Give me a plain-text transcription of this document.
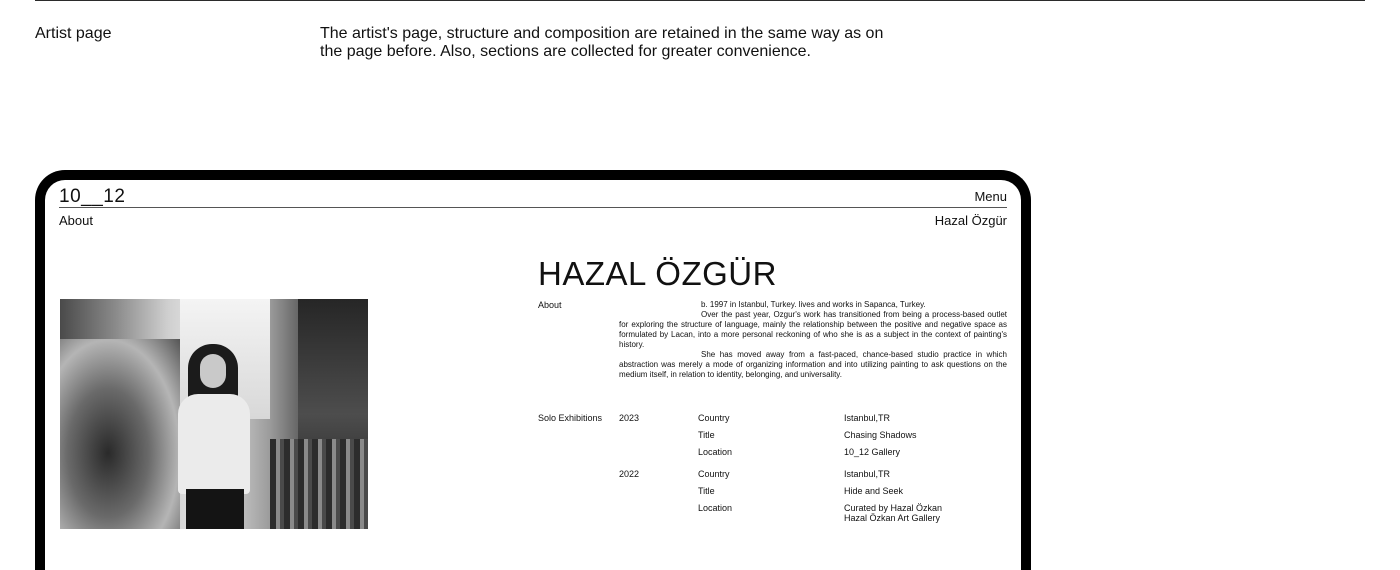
Artist page	The artist's page, structure and composition are retained in the same way as on the page before. Also, sections are collected for greater convenience.
10__12	Menu
About	Hazal Özgür
HAZAL ÖZGÜR
About	b. 1997 in Istanbul, Turkey. lives and works in Sapanca, Turkey.

Over the past year, Ozgur's work has transitioned from being a process-based outlet for exploring the structure of language, mainly the relationship between the positive and negative space as formulated by Lacan, into a more personal reckoning of who she is as a subject in the context of painting's history.

She has moved away from a fast-paced, chance-based studio practice in which abstraction was merely a mode of organizing information and into utilizing painting to ask questions on the medium itself, in relation to identity, belonging, and universality.

Solo Exhibitions 2023	Country	Istanbul,TR
Title	Chasing Shadows
Location	10_12 Gallery
2022	Country	Istanbul,TR
Title	Hide and Seek
Location	Curated by Hazal Özkan
Hazal Özkan Art Gallery
